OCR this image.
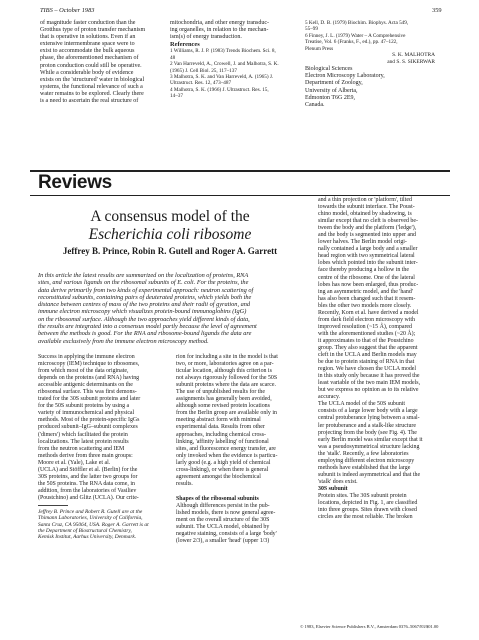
TIBS – October 1983	359

of magnitude faster conduction than the

Grotthus type of proton transfer mechanism

that is operative in solutions. Even if an

extensive intermembrane space were to

exist to accommodate the bulk aqueous

phase, the aforementioned mechanism of

proton conduction could still be operative.

While a considerable body of evidence

exists on the 'structured' water in biological

systems, the functional relevance of such a

water remains to be explored. Clearly there

is a need to ascertain the real structure of

mitochondria, and other energy transduc-

ing organelles, in relation to the mechan-

ism(s) of energy transduction.

References

1 Williams, R. J. P. (1983) Trends Biochem. Sci. 8,

48

2 Van Harreveld, A., Crowell, J. and Malhotra, S. K.

(1965) J. Cell Biol. 25, 117–137

3 Malhotra, S. K. and Van Harreveld, A. (1965) J.

Ultrastruct. Res. 12, 473–487

4 Malhotra, S. K. (1966) J. Ultrastruct. Res. 15,

14–37

5 Kell, D. B. (1979) Biochim. Biophys. Acta 549,

55–99

6 Finney, J. L. (1979) Water – A Comprehensive

Treatise, Vol. 6 (Franks, F., ed.), pp. 47–122,

Plenum Press

S. K. MALHOTRA

and S. S. SIKERWAR

Biological Sciences

Electron Microscopy Laboratory,

Department of Zoology,

University of Alberta,

Edmonton T6G 2E9,

Canada.

Reviews
A consensus model of the
Escherichia coli ribosome
Jeffrey B. Prince, Robin R. Gutell and Roger A. Garrett

In this article the latest results are summarized on the localization of proteins, RNA

sites, and various ligands on the ribosomal subunits of E. coli. For the proteins, the

data derive primarily from two kinds of experimental approach: neutron scattering of

reconstituted subunits, containing pairs of deuterated proteins, which yields both the

distance between centres of mass of the two proteins and their radii of gyration, and

immune electron microscopy which visualizes protein-bound immunoglobins (IgG)

on the ribosomal surface. Although the two approaches yield different kinds of data,

the results are integrated into a consensus model partly because the level of agreement

between the methods is good. For the RNA and ribosome-bound ligands the data are

available exclusively from the immune electron microscopy method.

and a thin projection or 'platform', tilted

towards the subunit interface. The Poust-

chino model, obtained by shadowing, is

similar except that no cleft is observed be-

tween the body and the platform ('ledge'),

and the body is segmented into upper and

lower halves. The Berlin model origi-

nally contained a large body and a smaller

head region with two symmetrical lateral

lobes which pointed into the subunit inter-

face thereby producing a hollow in the

centre of the ribosome. One of the lateral

lobes has now been enlarged, thus produc-

ing an asymmetric model, and the 'hand'

has also been changed such that it resem-

bles the other two models more closely.

Recently, Korn et al. have derived a model

from dark field electron microscopy with

improved resolution (~15 Å), compared

with the aforementioned studies (~20 Å);

it approximates to that of the Poustchino

group. They also suggest that the apparent

cleft in the UCLA and Berlin models may

be due to protein staining of RNA in that

region. We have chosen the UCLA model

in this study only because it has proved the

least variable of the two main IEM models,

but we express no opinion as to its relative

accuracy.

The UCLA model of the 50S subunit

consists of a large lower body with a large

central protuberance lying between a smal-

ler protuberance and a stalk-like structure

projecting from the body (see Fig. 4). The

early Berlin model was similar except that it

was a pseudosymmetrical structure lacking

the 'stalk'. Recently, a few laboratories

employing different electron microscopy

methods have established that the large

subunit is indeed asymmetrical and that the

'stalk' does exist.

30S subunit

Protein sites. The 30S subunit protein

locations, depicted in Fig. 1, are classified

into three groups. Sites drawn with closed

circles are the most reliable. The broken

Success in applying the immune electron

microscopy (IEM) technique to ribosomes,

from which most of the data originate,

depends on the proteins (and RNA) having

accessible antigenic determinants on the

ribosomal surface. This was first demons-

trated for the 30S subunit proteins and later

for the 50S subunit proteins by using a

variety of immunochemical and physical

methods. Most of the protein-specific IgGs

produced subunit–IgG–subunit complexes

('dimers') which facilitated the protein

localizations. The latest protein results

from the neutron scattering and IEM

methods derive from three main groups:

Moore et al. (Yale), Lake et al.

(UCLA) and Stöffler et al. (Berlin) for the

30S proteins, and the latter two groups for

the 50S proteins. The RNA data come, in

addition, from the laboratories of Vasiliev

(Poustchino) and Glitz (UCLA). Our crite-

Jeffrey B. Prince and Robert R. Gutell are at the

Thimann Laboratories, University of California,

Santa Cruz, CA 95064, USA. Roger A. Garrett is at

the Department of Biostructural Chemistry,

Kemisk Institut, Aarhus University, Denmark.

rion for including a site in the model is that

two, or more, laboratories agree on a par-

ticular location, although this criterion is

not always rigorously followed for the 50S

subunit proteins where the data are scarce.

The use of unpublished results for the

assignments has generally been avoided,

although some revised protein locations

from the Berlin group are available only in

meeting abstract form with minimal

experimental data. Results from other

approaches, including chemical cross-

linking, 'affinity labelling' of functional

sites, and fluorescence energy transfer, are

only invoked when the evidence is particu-

larly good (e.g. a high yield of chemical

cross-linking), or when there is general

agreement amongst the biochemical

results.

Shapes of the ribosomal subunits

Although differences persist in the pub-

lished models, there is now general agree-

ment on the overall structure of the 30S

subunit. The UCLA model, obtained by

negative staining, consists of a large 'body'

(lower 2/3), a smaller 'head' (upper 1/3)

© 1983, Elsevier Science Publishers B.V., Amsterdam 0376–5067/83/$01.00
